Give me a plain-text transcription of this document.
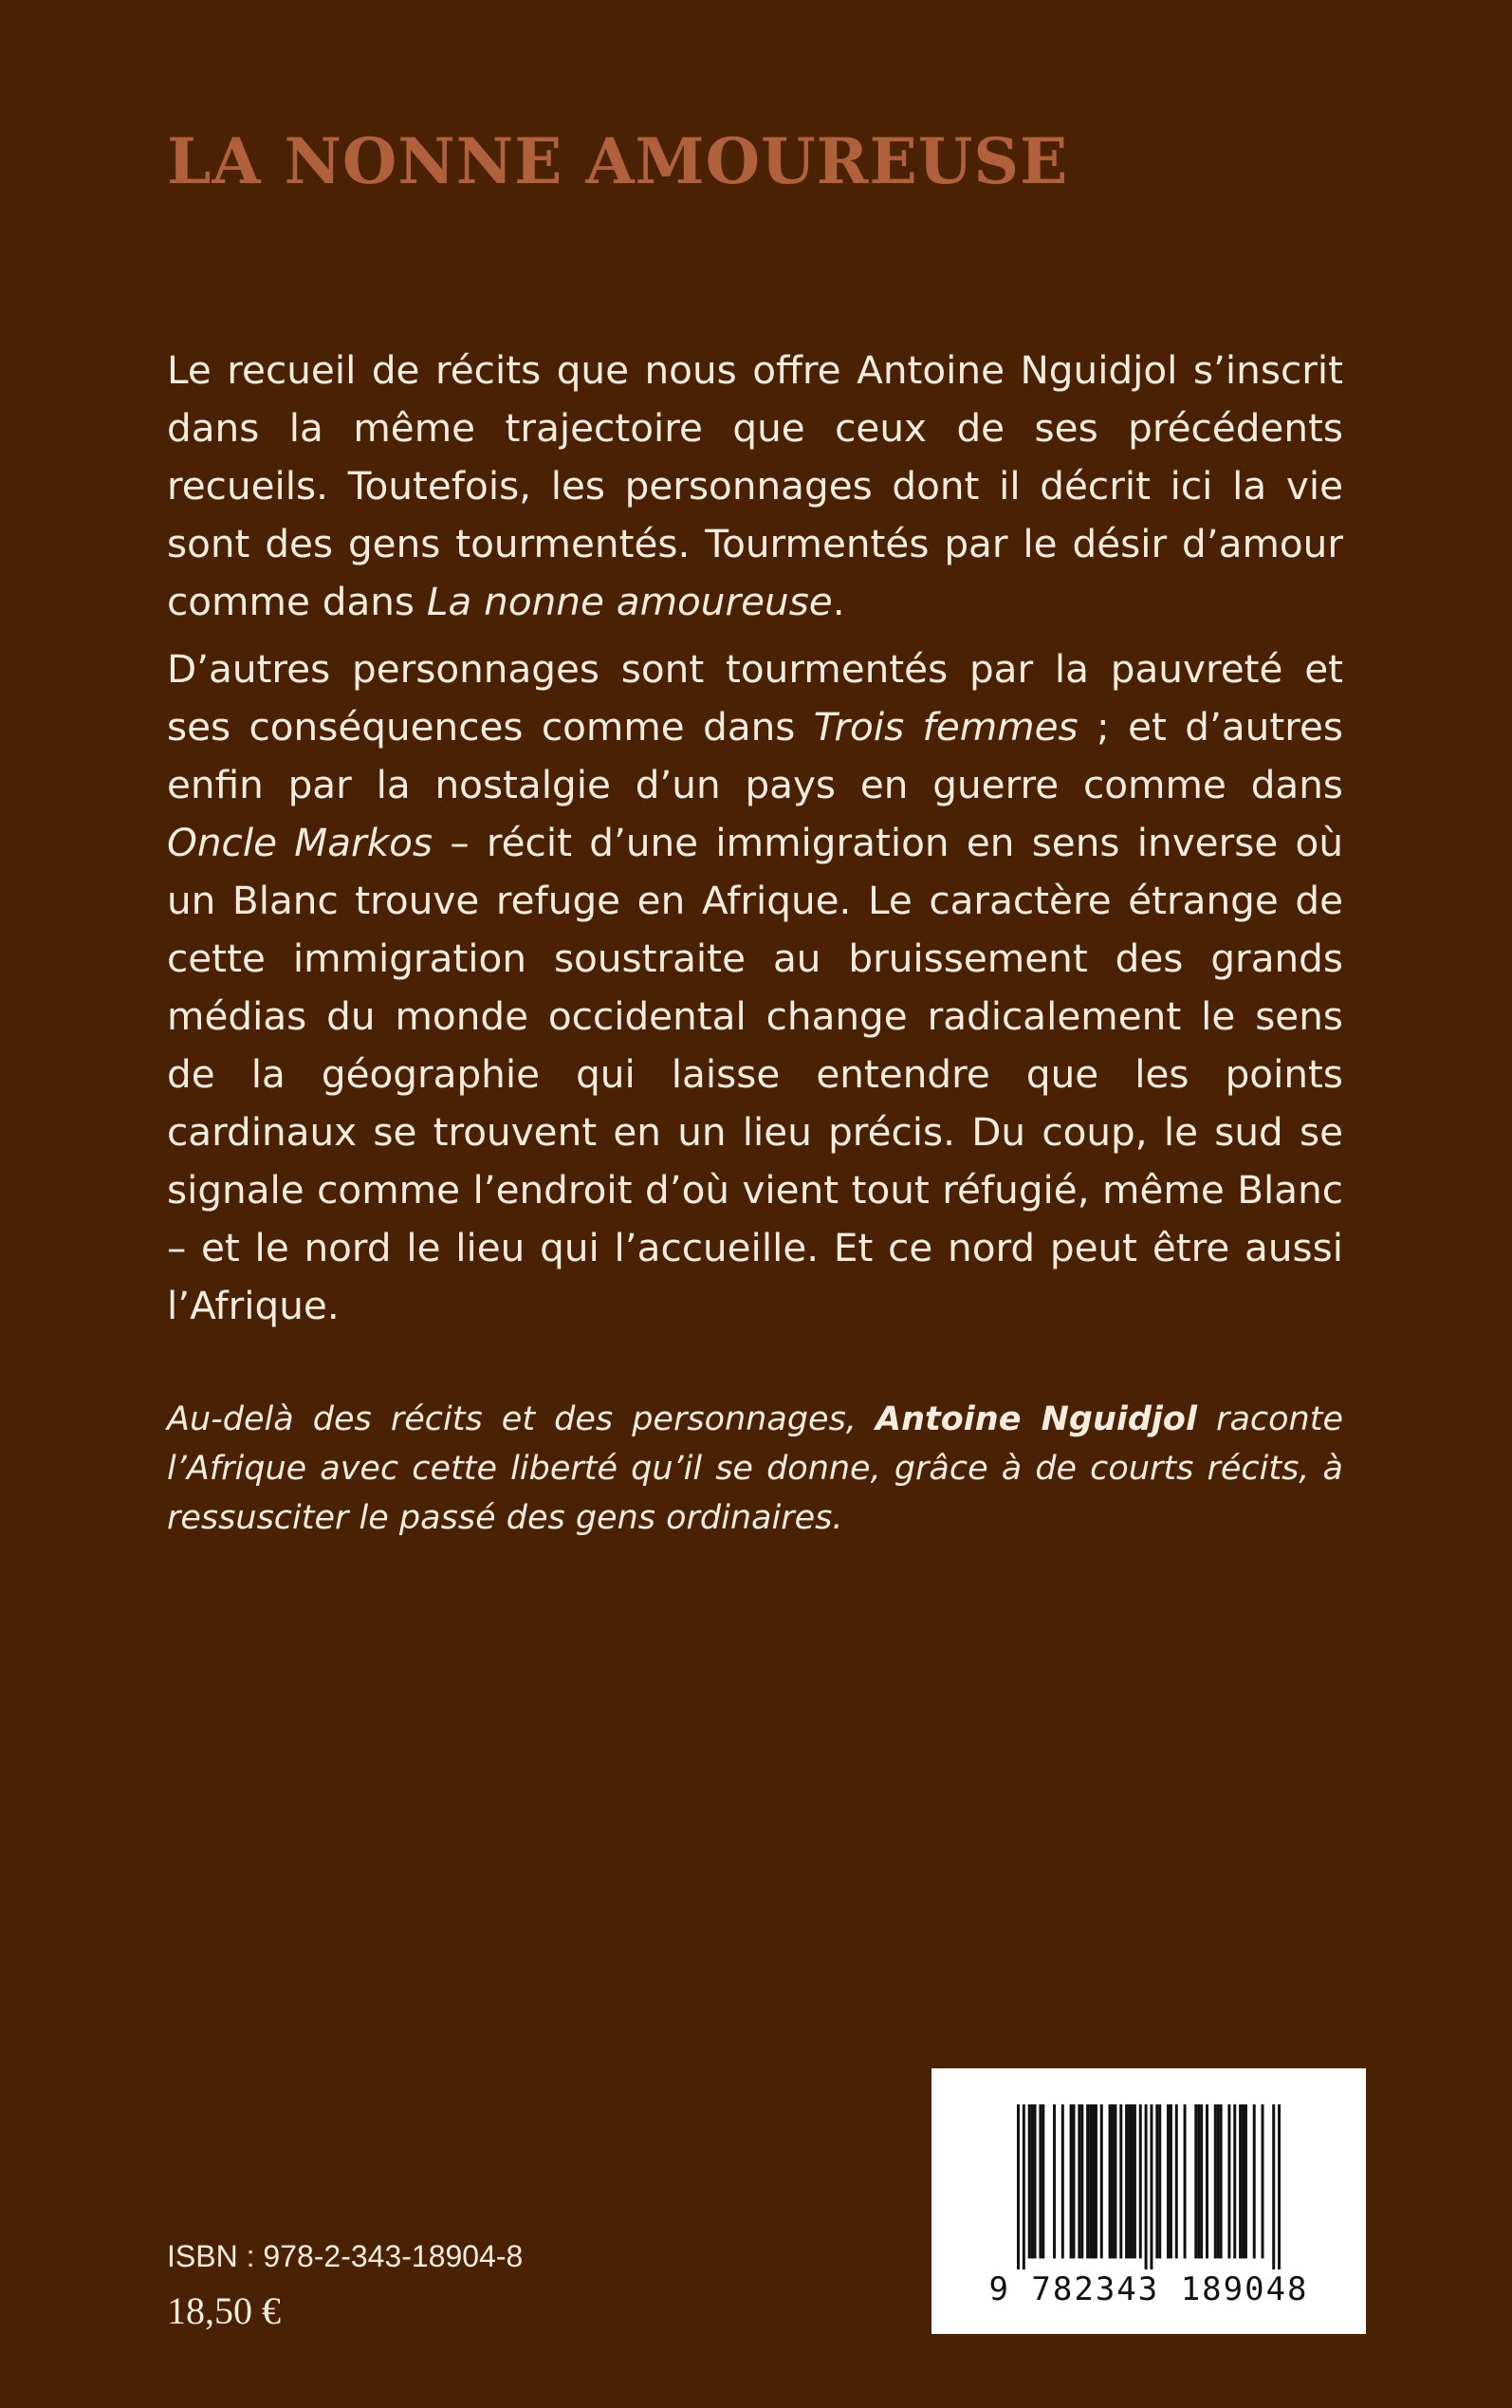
LA NONNE AMOUREUSE

Le recueil de récits que nous offre Antoine Nguidjol s’inscrit dans la même trajectoire que ceux de ses précédents recueils. Toutefois, les personnages dont il décrit ici la vie sont des gens tourmentés. Tourmentés par le désir d’amour comme dans La nonne amoureuse.

D’autres personnages sont tourmentés par la pauvreté et ses conséquences comme dans Trois femmes ; et d’autres enfin par la nostalgie d’un pays en guerre comme dans Oncle Markos – récit d’une immigration en sens inverse où un Blanc trouve refuge en Afrique. Le caractère étrange de cette immigration soustraite au bruissement des grands médias du monde occidental change radicalement le sens de la géographie qui laisse entendre que les points cardinaux se trouvent en un lieu précis. Du coup, le sud se signale comme l’endroit d’où vient tout réfugié, même Blanc – et le nord le lieu qui l’accueille. Et ce nord peut être aussi l’Afrique.

Au-delà des récits et des personnages, Antoine Nguidjol raconte l’Afrique avec cette liberté qu’il se donne, grâce à de courts récits, à ressusciter le passé des gens ordinaires.

ISBN : 978-2-343-18904-8
18,50 €	9 782343 189048
